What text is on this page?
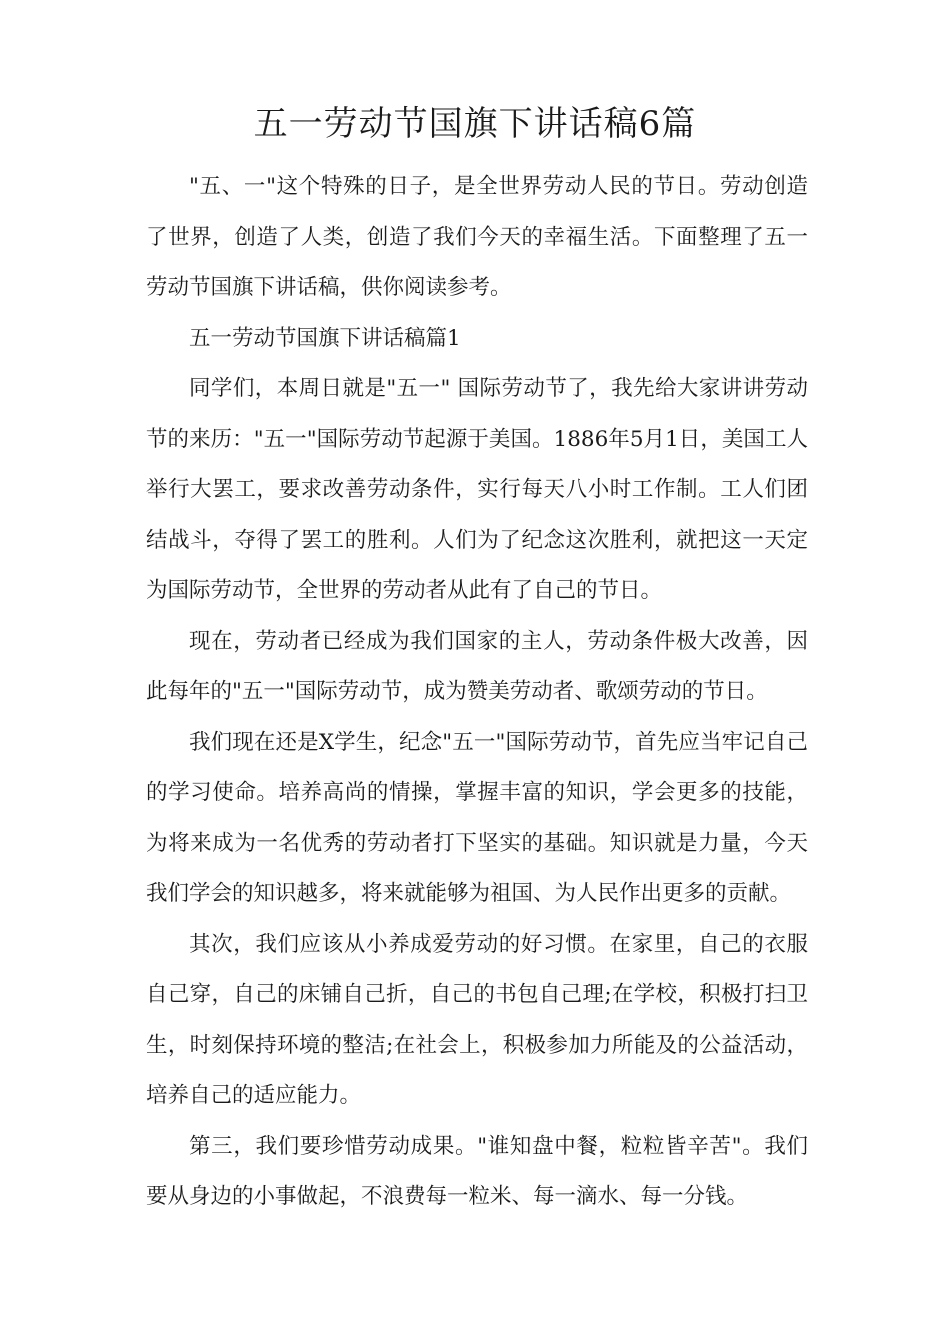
五一劳动节国旗下讲话稿6篇

"五、一"这个特殊的日子，是全世界劳动人民的节日。劳动创造了世界，创造了人类，创造了我们今天的幸福生活。下面整理了五一劳动节国旗下讲话稿，供你阅读参考。

五一劳动节国旗下讲话稿篇1

同学们，本周日就是"五一" 国际劳动节了，我先给大家讲讲劳动节的来历："五一"国际劳动节起源于美国。1886年5月1日，美国工人举行大罢工，要求改善劳动条件，实行每天八小时工作制。工人们团结战斗，夺得了罢工的胜利。人们为了纪念这次胜利，就把这一天定为国际劳动节，全世界的劳动者从此有了自己的节日。

现在，劳动者已经成为我们国家的主人，劳动条件极大改善，因此每年的"五一"国际劳动节，成为赞美劳动者、歌颂劳动的节日。

我们现在还是X学生，纪念"五一"国际劳动节，首先应当牢记自己的学习使命。培养高尚的情操，掌握丰富的知识，学会更多的技能，为将来成为一名优秀的劳动者打下坚实的基础。知识就是力量，今天我们学会的知识越多，将来就能够为祖国、为人民作出更多的贡献。

其次，我们应该从小养成爱劳动的好习惯。在家里，自己的衣服自己穿，自己的床铺自己折，自己的书包自己理;在学校，积极打扫卫生，时刻保持环境的整洁;在社会上，积极参加力所能及的公益活动，培养自己的适应能力。

第三，我们要珍惜劳动成果。"谁知盘中餐，粒粒皆辛苦"。我们要从身边的小事做起，不浪费每一粒米、每一滴水、每一分钱。
